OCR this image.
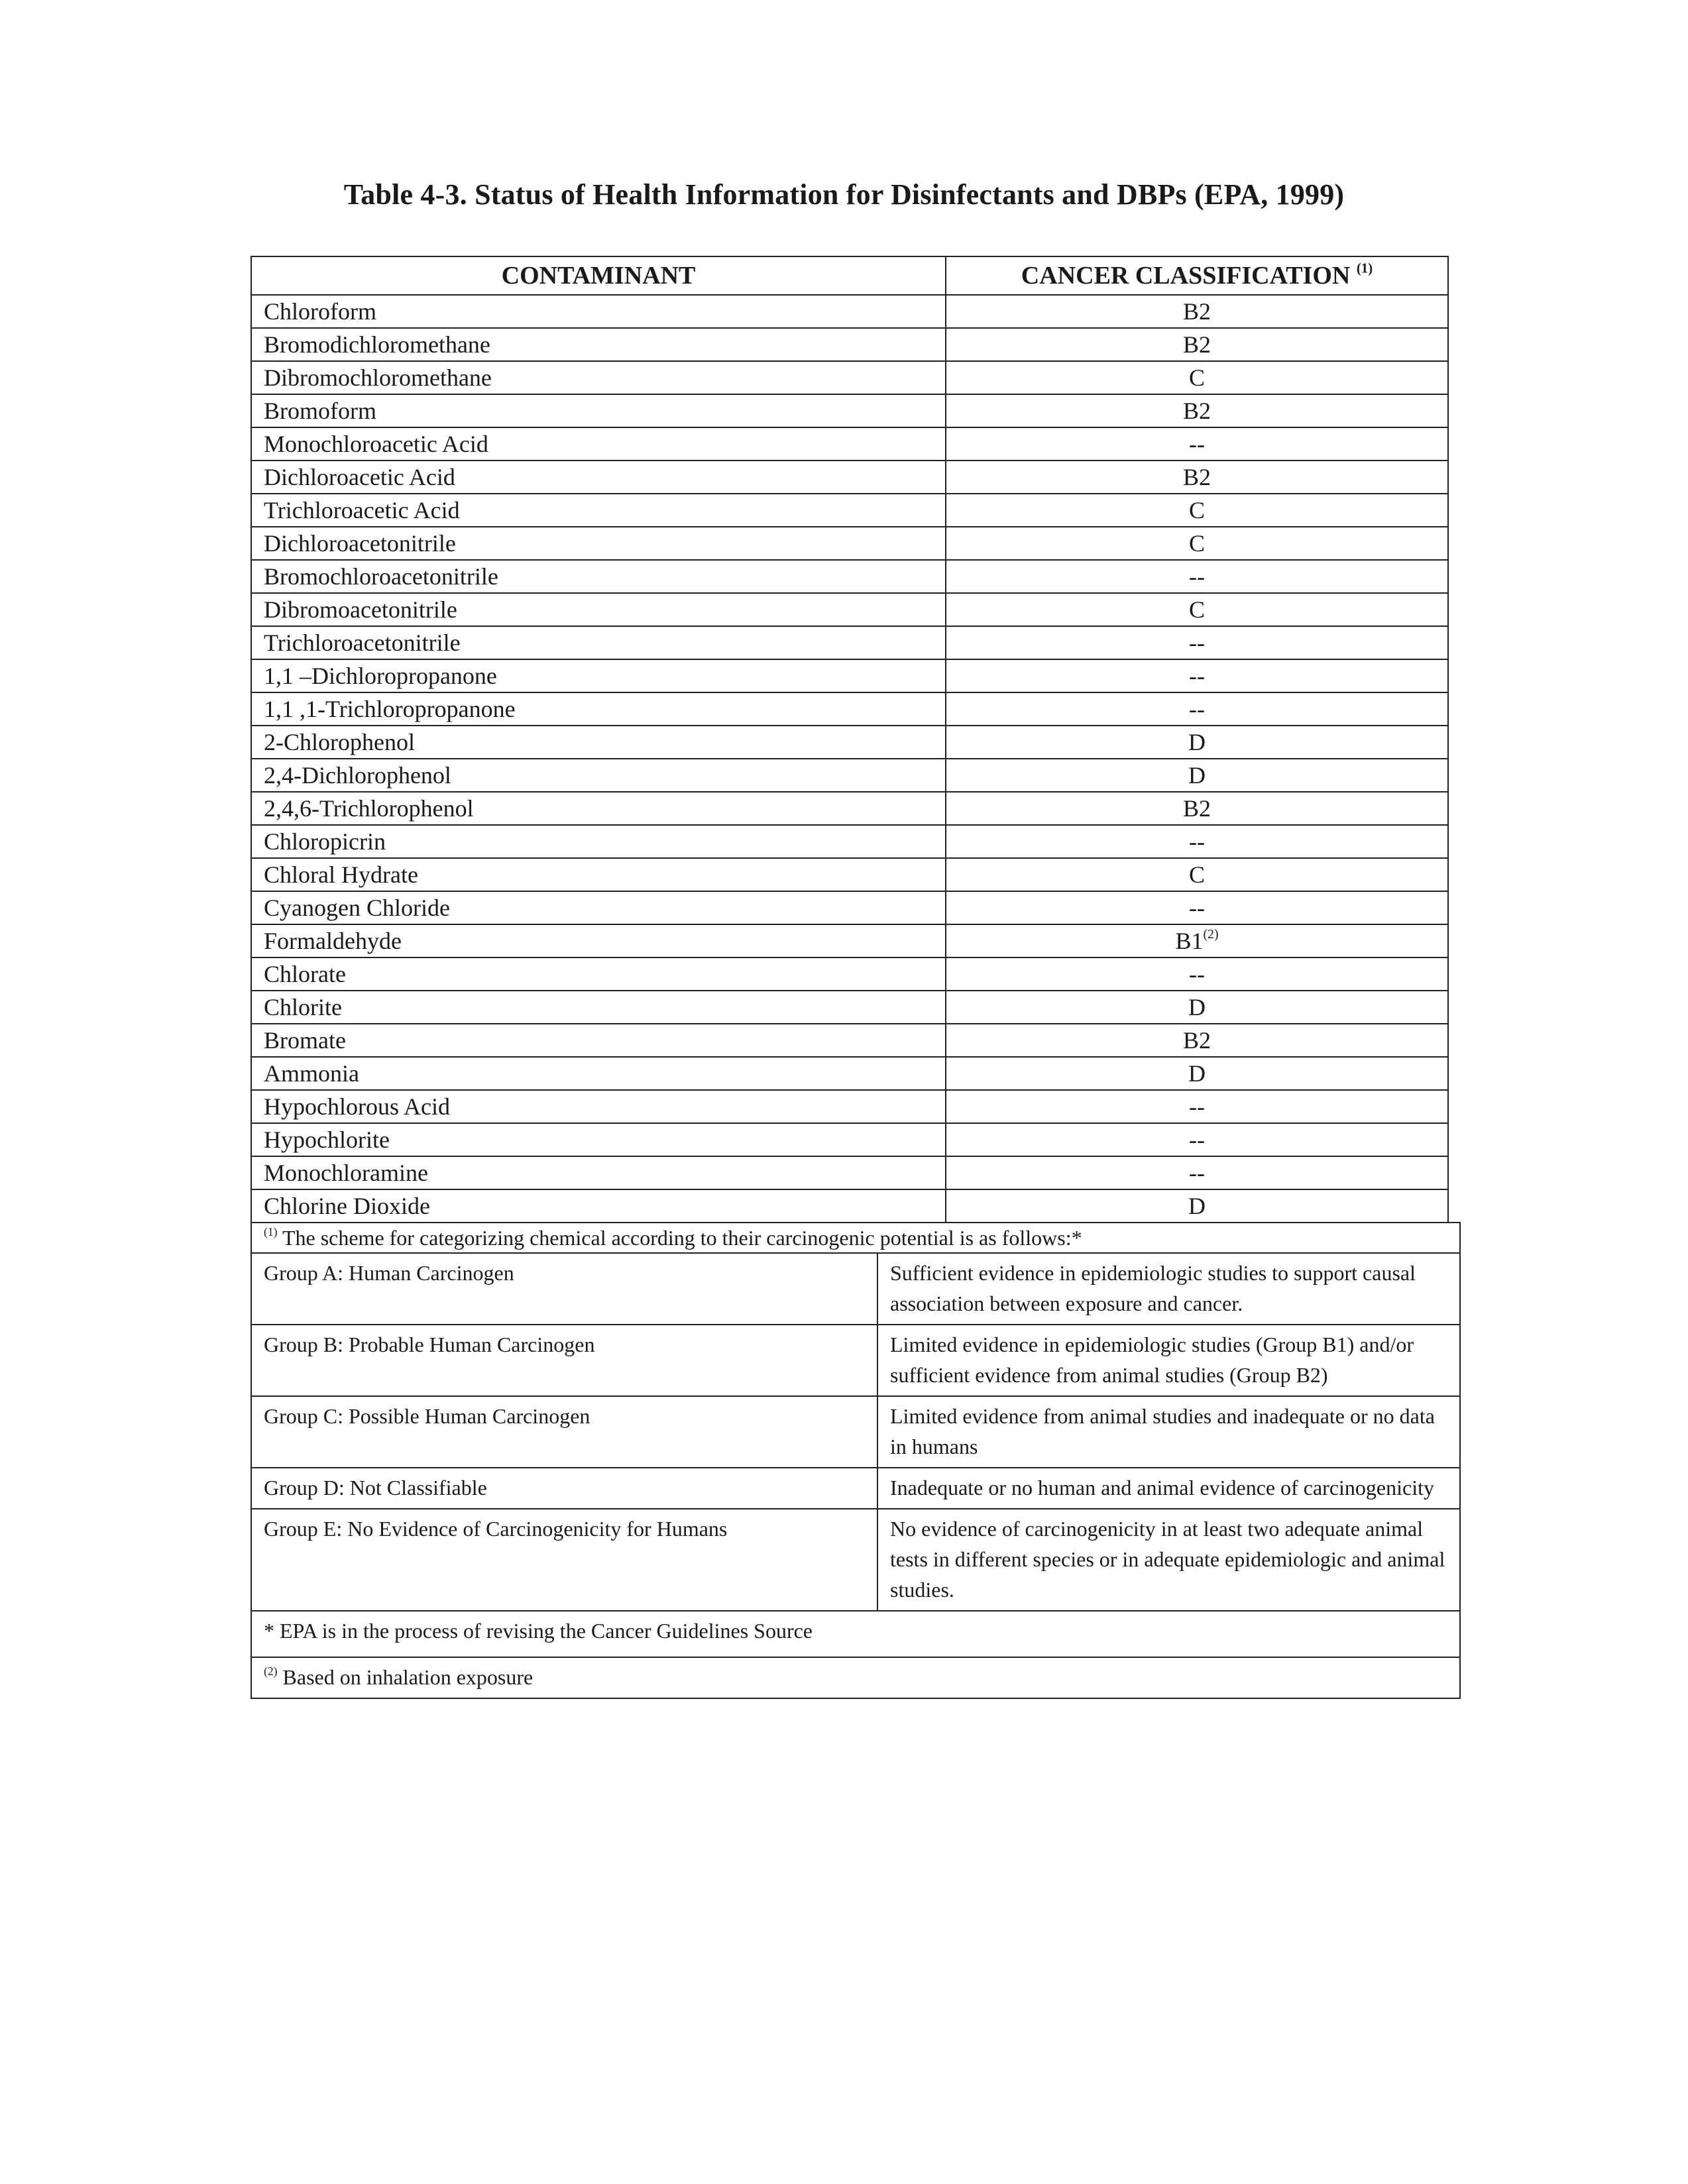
Table 4-3. Status of Health Information for Disinfectants and DBPs (EPA, 1999)
CONTAMINANT	CANCER CLASSIFICATION $^{(1)}$
Chloroform	B2
Bromodichloromethane	B2
Dibromochloromethane	C
Bromoform	B2
Monochloroacetic Acid	--
Dichloroacetic Acid	B2
Trichloroacetic Acid	C
Dichloroacetonitrile	C
Bromochloroacetonitrile	--
Dibromoacetonitrile	C
Trichloroacetonitrile	--
1,1 –Dichloropropanone	--
1,1 ,1-Trichloropropanone	--
2-Chlorophenol	D
2,4-Dichlorophenol	D
2,4,6-Trichlorophenol	B2
Chloropicrin	--
Chloral Hydrate	C
Cyanogen Chloride	--
Formaldehyde	B1$^{(2)}$
Chlorate	--
Chlorite	D
Bromate	B2
Ammonia	D
Hypochlorous Acid	--
Hypochlorite	--
Monochloramine	--
Chlorine Dioxide	D
$^{(1)}$ The scheme for categorizing chemical according to their carcinogenic potential is as follows:*	
Group A: Human Carcinogen	Sufficient evidence in epidemiologic studies to support causal association between exposure and cancer.
Group B: Probable Human Carcinogen	Limited evidence in epidemiologic studies (Group B1) and/or sufficient evidence from animal studies (Group B2)
Group C: Possible Human Carcinogen	Limited evidence from animal studies and inadequate or no data in humans
Group D: Not Classifiable	Inadequate or no human and animal evidence of carcinogenicity
Group E: No Evidence of Carcinogenicity for Humans	No evidence of carcinogenicity in at least two adequate animal tests in different species or in adequate epidemiologic and animal studies.
* EPA is in the process of revising the Cancer Guidelines Source	
$^{(2)}$ Based on inhalation exposure	
